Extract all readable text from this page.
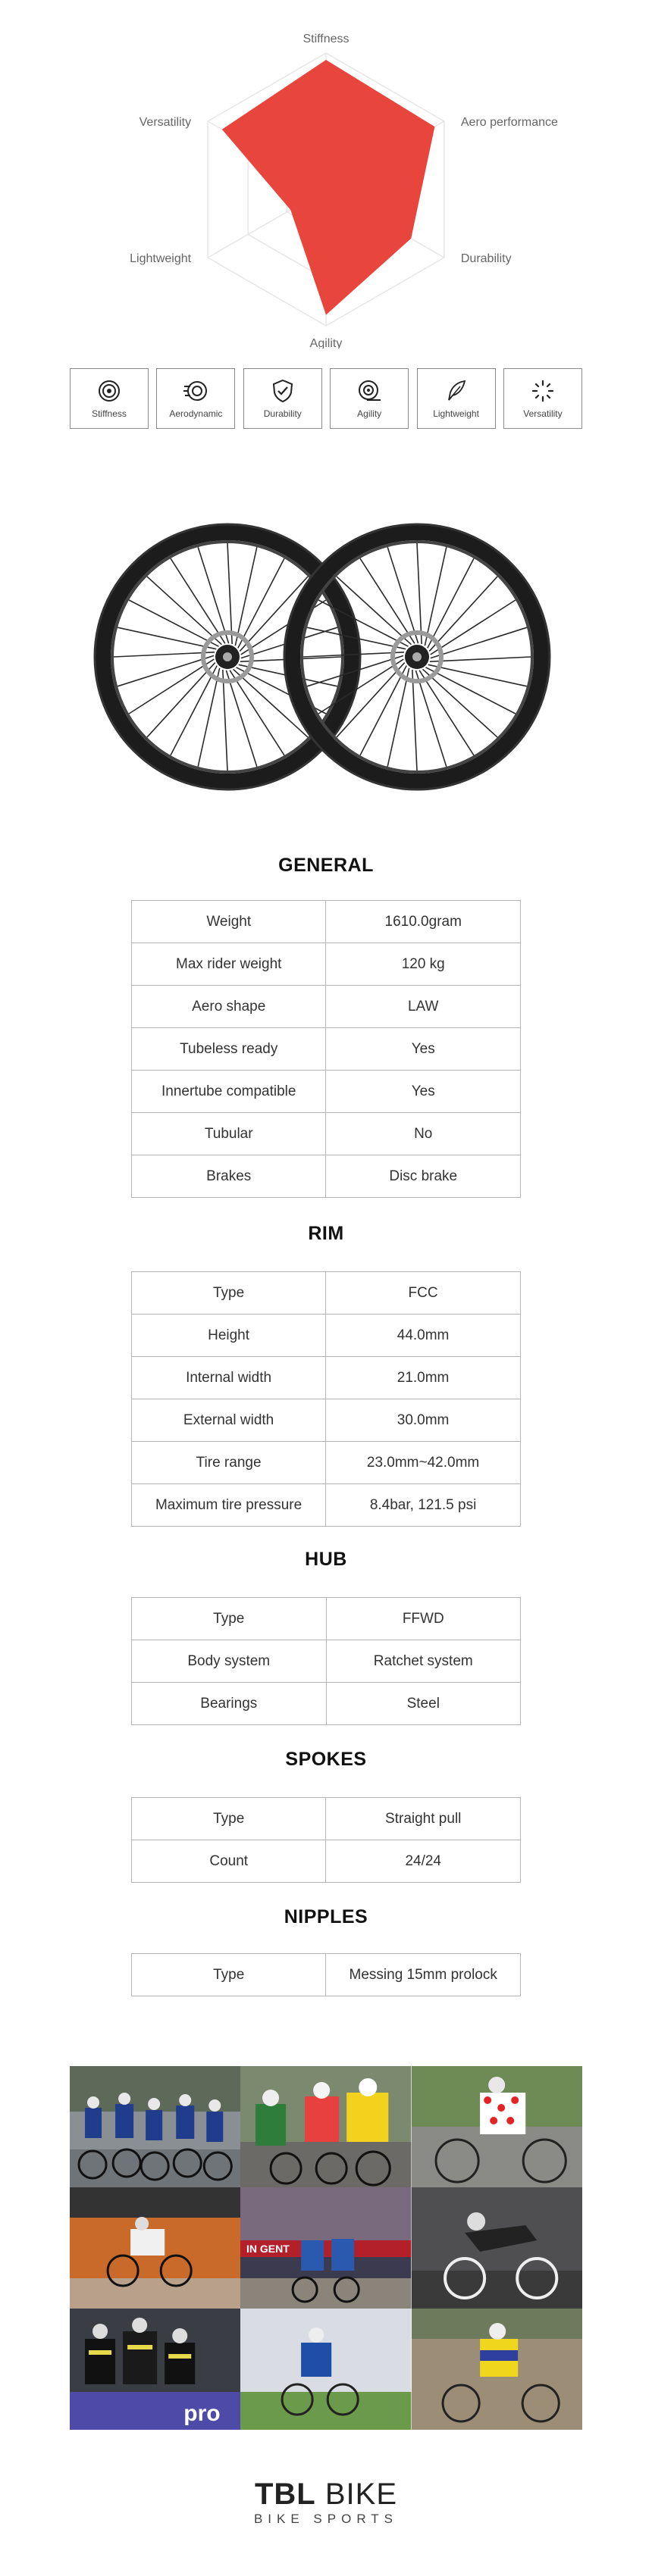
Stiffness
Aero performance
Durability
Agility
Lightweight
Versatility
Stiffness	Aerodynamic	Durability	Agility	Lightweight	Versatility
GENERAL
Weight	1610.0gram
Max rider weight	120 kg
Aero shape	LAW
Tubeless ready	Yes
Innertube compatible	Yes
Tubular	No
Brakes	Disc brake
RIM
Type	FCC
Height	44.0mm
Internal width	21.0mm
External width	30.0mm
Tire range	23.0mm~42.0mm
Maximum tire pressure	8.4bar, 121.5 psi
HUB
Type	FFWD
Body system	Ratchet system
Bearings	Steel
SPOKES
Type	Straight pull
Count	24/24
NIPPLES
Type	Messing 15mm prolock
IN GENT
pro
TBL BIKE
BIKE SPORTS
